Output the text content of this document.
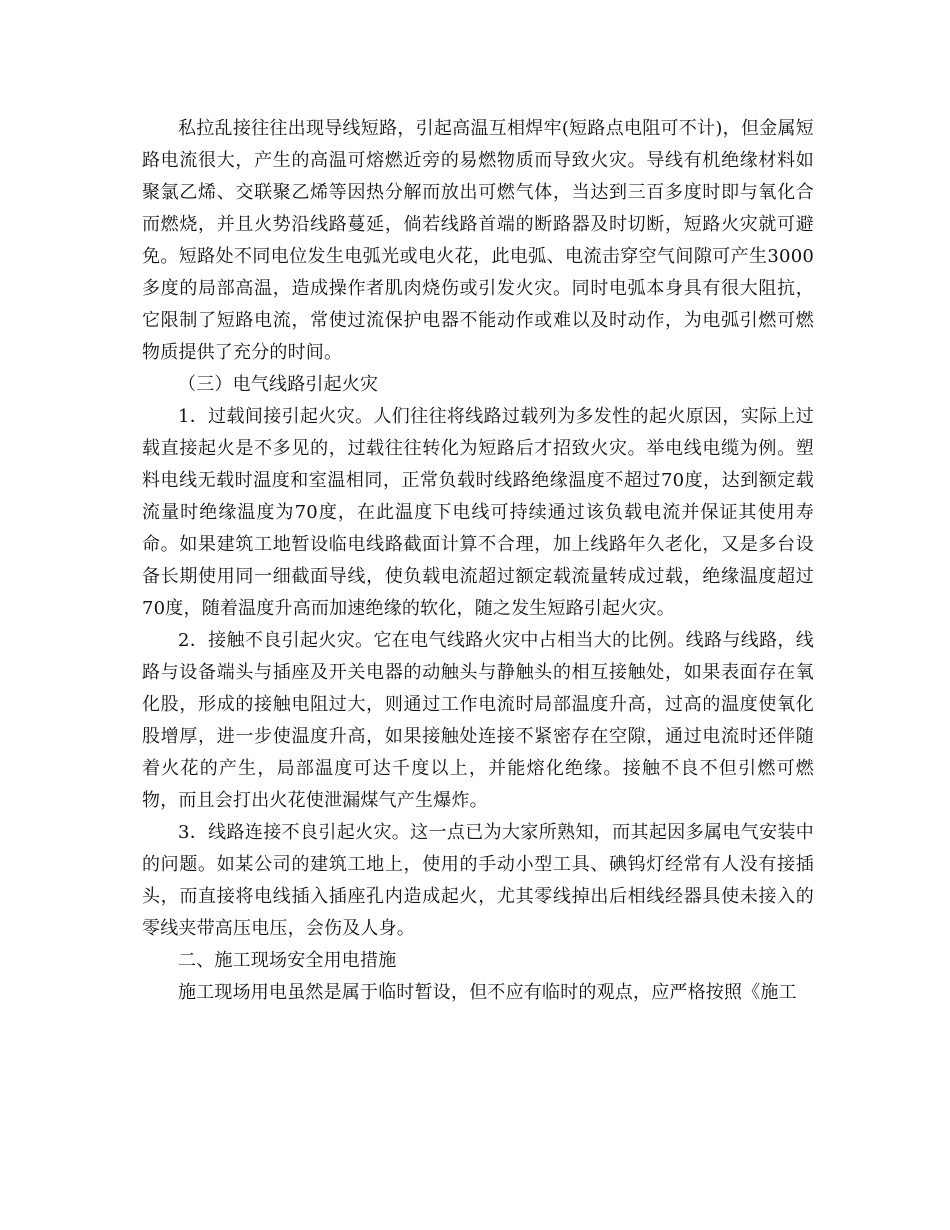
私拉乱接往往出现导线短路，引起高温互相焊牢(短路点电阻可不计)，但金属短路电流很大，产生的高温可熔燃近旁的易燃物质而导致火灾。导线有机绝缘材料如聚氯乙烯、交联聚乙烯等因热分解而放出可燃气体，当达到三百多度时即与氧化合而燃烧，并且火势沿线路蔓延，倘若线路首端的断路器及时切断，短路火灾就可避免。短路处不同电位发生电弧光或电火花，此电弧、电流击穿空气间隙可产生3000多度的局部高温，造成操作者肌肉烧伤或引发火灾。同时电弧本身具有很大阻抗，它限制了短路电流，常使过流保护电器不能动作或难以及时动作，为电弧引燃可燃物质提供了充分的时间。

（三）电气线路引起火灾

1．过载间接引起火灾。人们往往将线路过载列为多发性的起火原因，实际上过载直接起火是不多见的，过载往往转化为短路后才招致火灾。举电线电缆为例。塑料电线无载时温度和室温相同，正常负载时线路绝缘温度不超过70度，达到额定载流量时绝缘温度为70度，在此温度下电线可持续通过该负载电流并保证其使用寿命。如果建筑工地暂设临电线路截面计算不合理，加上线路年久老化，又是多台设备长期使用同一细截面导线，使负载电流超过额定载流量转成过载，绝缘温度超过70度，随着温度升高而加速绝缘的软化，随之发生短路引起火灾。

2．接触不良引起火灾。它在电气线路火灾中占相当大的比例。线路与线路，线路与设备端头与插座及开关电器的动触头与静触头的相互接触处，如果表面存在氧化股，形成的接触电阻过大，则通过工作电流时局部温度升高，过高的温度使氧化股增厚，进一步使温度升高，如果接触处连接不紧密存在空隙，通过电流时还伴随着火花的产生，局部温度可达千度以上，并能熔化绝缘。接触不良不但引燃可燃物，而且会打出火花使泄漏煤气产生爆炸。

3．线路连接不良引起火灾。这一点已为大家所熟知，而其起因多属电气安装中的问题。如某公司的建筑工地上，使用的手动小型工具、碘钨灯经常有人没有接插头，而直接将电线插入插座孔内造成起火，尤其零线掉出后相线经器具使未接入的零线夹带高压电压，会伤及人身。

二、施工现场安全用电措施

施工现场用电虽然是属于临时暂设，但不应有临时的观点，应严格按照《施工
